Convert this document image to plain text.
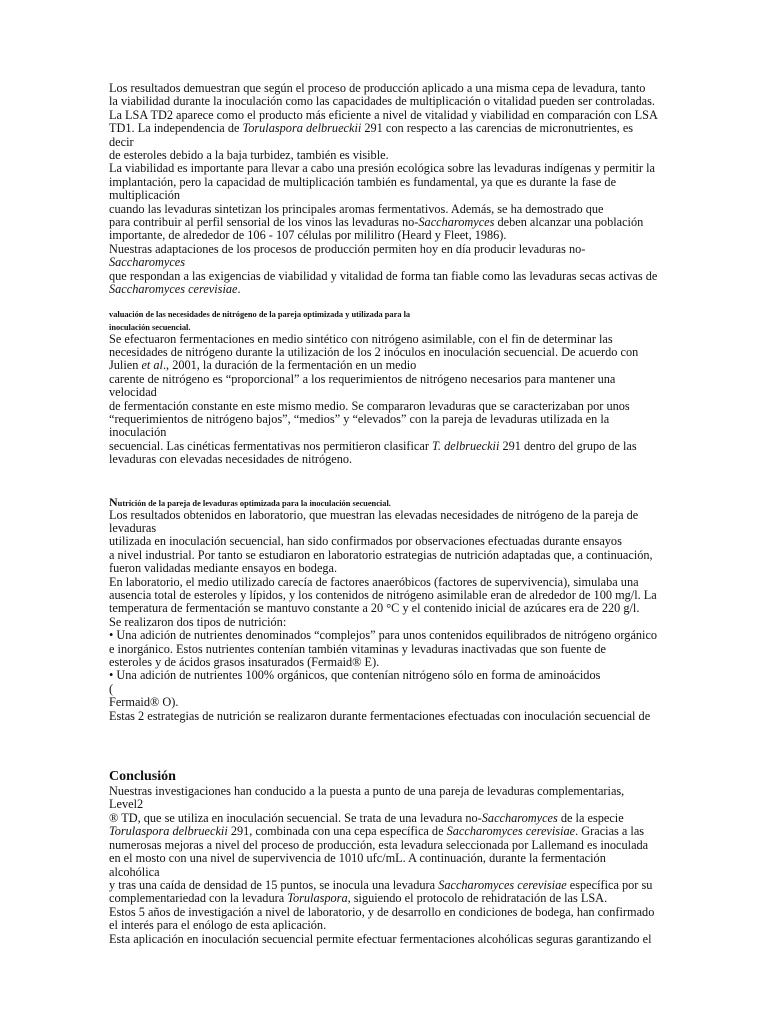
Los resultados demuestran que según el proceso de producción aplicado a una misma cepa de levadura, tanto

la viabilidad durante la inoculación como las capacidades de multiplicación o vitalidad pueden ser controladas.

La LSA TD2 aparece como el producto más eficiente a nivel de vitalidad y viabilidad en comparación con LSA

TD1. La independencia de Torulaspora delbrueckii 291 con respecto a las carencias de micronutrientes, es

decir

de esteroles debido a la baja turbidez, también es visible.

La viabilidad es importante para llevar a cabo una presión ecológica sobre las levaduras indígenas y permitir la

implantación, pero la capacidad de multiplicación también es fundamental, ya que es durante la fase de

multiplicación

cuando las levaduras sintetizan los principales aromas fermentativos. Además, se ha demostrado que

para contribuir al perfil sensorial de los vinos las levaduras no-Saccharomyces deben alcanzar una población

importante, de alrededor de 106 - 107 células por mililitro (Heard y Fleet, 1986).

Nuestras adaptaciones de los procesos de producción permiten hoy en día producir levaduras no-

Saccharomyces

que respondan a las exigencias de viabilidad y vitalidad de forma tan fiable como las levaduras secas activas de

Saccharomyces cerevisiae.

valuación de las necesidades de nitrógeno de la pareja optimizada y utilizada para la

inoculación secuencial.

Se efectuaron fermentaciones en medio sintético con nitrógeno asimilable, con el fin de determinar las

necesidades de nitrógeno durante la utilización de los 2 inóculos en inoculación secuencial. De acuerdo con

Julien et al., 2001, la duración de la fermentación en un medio

carente de nitrógeno es “proporcional” a los requerimientos de nitrógeno necesarios para mantener una

velocidad

de fermentación constante en este mismo medio. Se compararon levaduras que se caracterizaban por unos

“requerimientos de nitrógeno bajos”, “medios” y “elevados” con la pareja de levaduras utilizada en la

inoculación

secuencial. Las cinéticas fermentativas nos permitieron clasificar T. delbrueckii 291 dentro del grupo de las

levaduras con elevadas necesidades de nitrógeno.

Nutrición de la pareja de levaduras optimizada para la inoculación secuencial.

Los resultados obtenidos en laboratorio, que muestran las elevadas necesidades de nitrógeno de la pareja de

levaduras

utilizada en inoculación secuencial, han sido confirmados por observaciones efectuadas durante ensayos

a nivel industrial. Por tanto se estudiaron en laboratorio estrategias de nutrición adaptadas que, a continuación,

fueron validadas mediante ensayos en bodega.

En laboratorio, el medio utilizado carecía de factores anaeróbicos (factores de supervivencia), simulaba una

ausencia total de esteroles y lípidos, y los contenidos de nitrógeno asimilable eran de alrededor de 100 mg/l. La

temperatura de fermentación se mantuvo constante a 20 °C y el contenido inicial de azúcares era de 220 g/l.

Se realizaron dos tipos de nutrición:

• Una adición de nutrientes denominados “complejos” para unos contenidos equilibrados de nitrógeno orgánico

e inorgánico. Estos nutrientes contenían también vitaminas y levaduras inactivadas que son fuente de

esteroles y de ácidos grasos insaturados (Fermaid® E).

• Una adición de nutrientes 100% orgánicos, que contenían nitrógeno sólo en forma de aminoácidos

(

Fermaid® O).

Estas 2 estrategias de nutrición se realizaron durante fermentaciones efectuadas con inoculación secuencial de

Conclusión

Nuestras investigaciones han conducido a la puesta a punto de una pareja de levaduras complementarias,

Level2

® TD, que se utiliza en inoculación secuencial. Se trata de una levadura no-Saccharomyces de la especie

Torulaspora delbrueckii 291, combinada con una cepa específica de Saccharomyces cerevisiae. Gracias a las

numerosas mejoras a nivel del proceso de producción, esta levadura seleccionada por Lallemand es inoculada

en el mosto con una nivel de supervivencia de 1010 ufc/mL. A continuación, durante la fermentación

alcohólica

y tras una caída de densidad de 15 puntos, se inocula una levadura Saccharomyces cerevisiae específica por su

complementariedad con la levadura Torulaspora, siguiendo el protocolo de rehidratación de las LSA.

Estos 5 años de investigación a nivel de laboratorio, y de desarrollo en condiciones de bodega, han confirmado

el interés para el enólogo de esta aplicación.

Esta aplicación en inoculación secuencial permite efectuar fermentaciones alcohólicas seguras garantizando el
